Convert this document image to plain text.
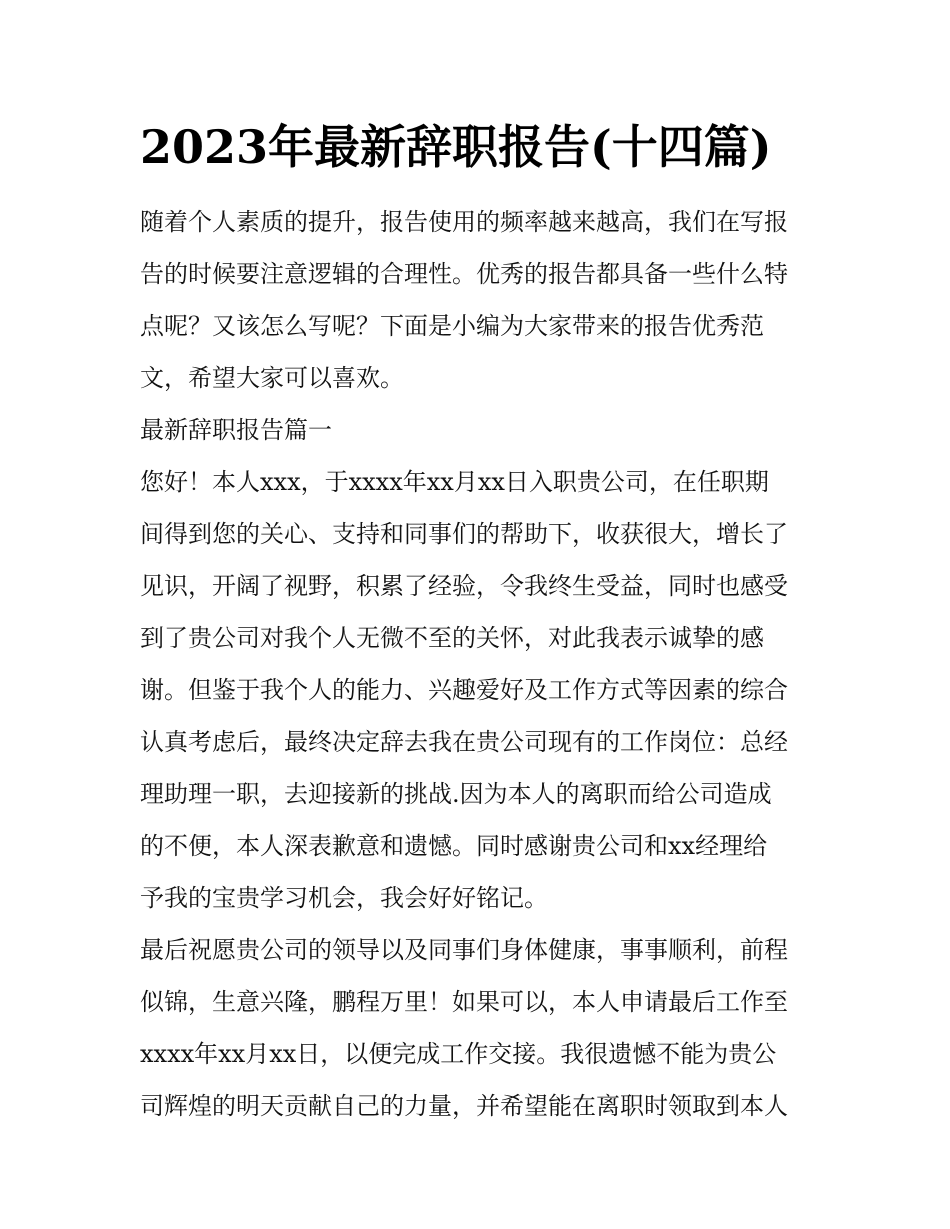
2023年最新辞职报告(十四篇)
随着个人素质的提升，报告使用的频率越来越高，我们在写报
告的时候要注意逻辑的合理性。优秀的报告都具备一些什么特
点呢？又该怎么写呢？下面是小编为大家带来的报告优秀范
文，希望大家可以喜欢。
最新辞职报告篇一
您好！本人xxx，于xxxx年xx月xx日入职贵公司，在任职期
间得到您的关心、支持和同事们的帮助下，收获很大，增长了
见识，开阔了视野，积累了经验，令我终生受益，同时也感受
到了贵公司对我个人无微不至的关怀，对此我表示诚挚的感
谢。但鉴于我个人的能力、兴趣爱好及工作方式等因素的综合
认真考虑后，最终决定辞去我在贵公司现有的工作岗位：总经
理助理一职，去迎接新的挑战.因为本人的离职而给公司造成
的不便，本人深表歉意和遗憾。同时感谢贵公司和xx经理给
予我的宝贵学习机会，我会好好铭记。
最后祝愿贵公司的领导以及同事们身体健康，事事顺利，前程
似锦，生意兴隆，鹏程万里！如果可以，本人申请最后工作至
xxxx年xx月xx日，以便完成工作交接。我很遗憾不能为贵公
司辉煌的明天贡献自己的力量，并希望能在离职时领取到本人
